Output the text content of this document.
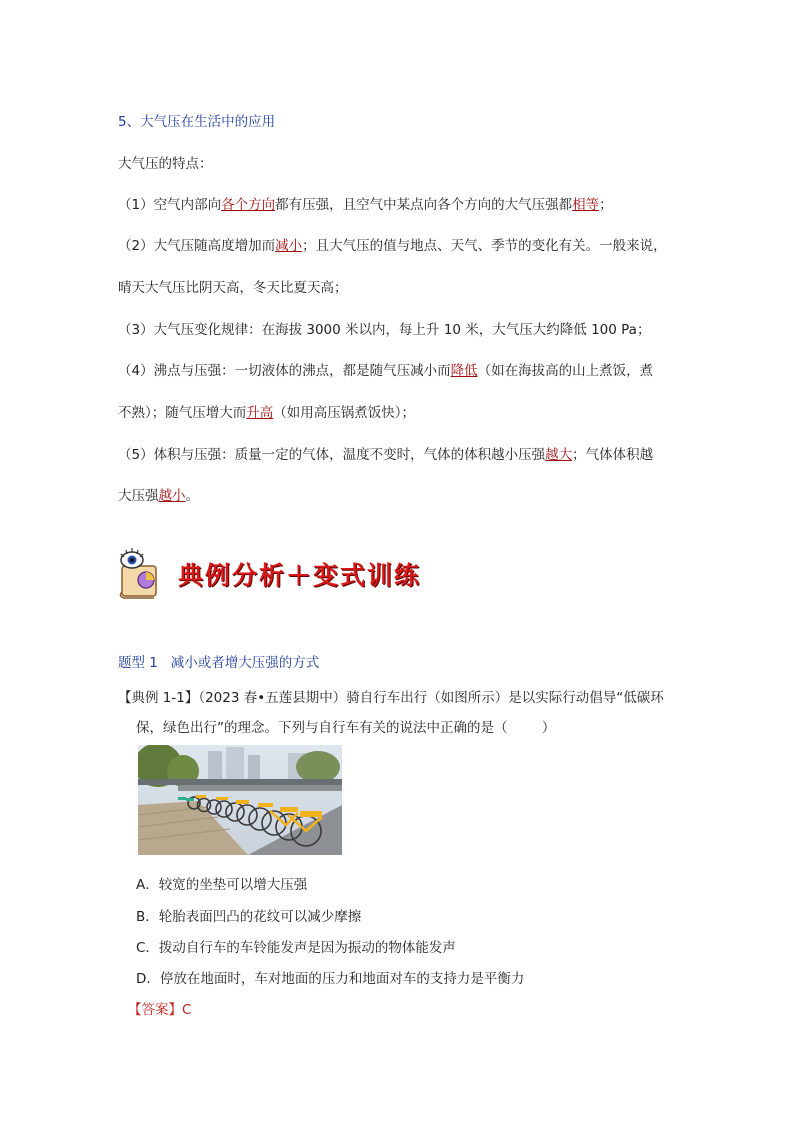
5、大气压在生活中的应用
大气压的特点：
（1）空气内部向各个方向都有压强，且空气中某点向各个方向的大气压强都相等；
（2）大气压随高度增加而减小；且大气压的值与地点、天气、季节的变化有关。一般来说，
晴天大气压比阴天高，冬天比夏天高；
（3）大气压变化规律：在海拔 3000 米以内，每上升 10 米，大气压大约降低 100 Pa；
（4）沸点与压强：一切液体的沸点，都是随气压减小而降低（如在海拔高的山上煮饭，煮
不熟）；随气压增大而升高（如用高压锅煮饭快）；
（5）体积与压强：质量一定的气体，温度不变时，气体的体积越小压强越大；气体体积越
大压强越小。
典例分析＋变式训练
题型 1   减小或者增大压强的方式
【典例 1-1】（2023 春•五莲县期中）骑自行车出行（如图所示）是以实际行动倡导“低碳环
保，绿色出行”的理念。下列与自行车有关的说法中正确的是（        ）
A．较宽的坐垫可以增大压强
B．轮胎表面凹凸的花纹可以减少摩擦
C．拨动自行车的车铃能发声是因为振动的物体能发声
D．停放在地面时，车对地面的压力和地面对车的支持力是平衡力
【答案】C
